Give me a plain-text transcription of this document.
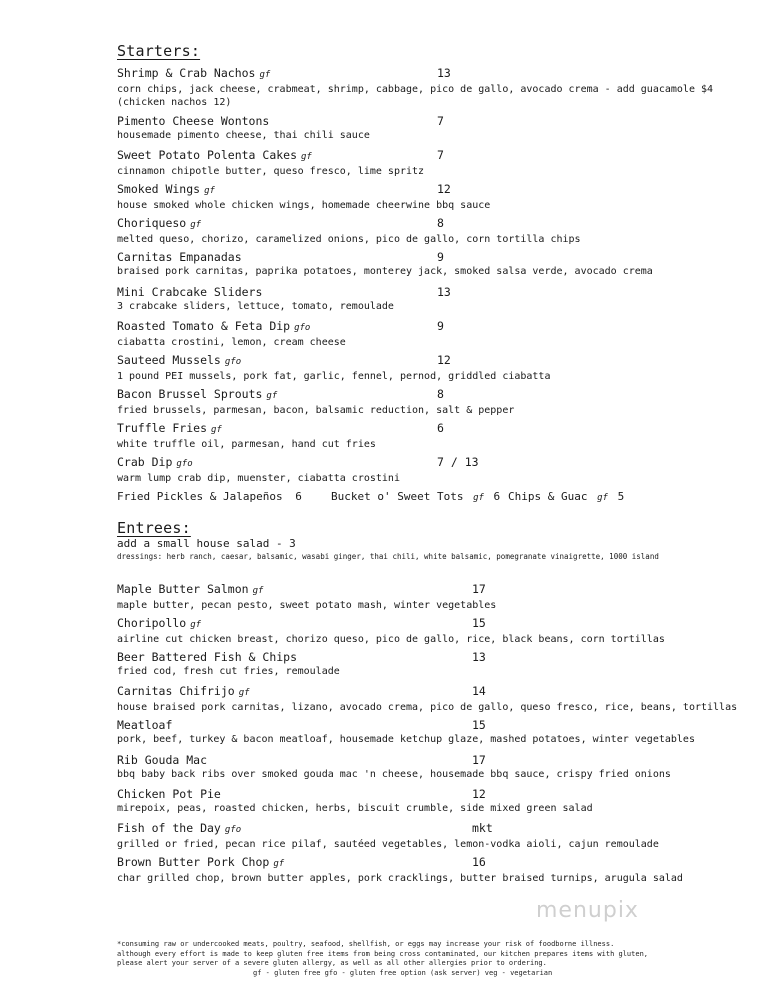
Starters:
Shrimp & Crab Nachos gf	13
corn chips, jack cheese, crabmeat, shrimp, cabbage, pico de gallo, avocado crema - add guacamole $4
(chicken nachos 12)
Pimento Cheese Wontons	7
housemade pimento cheese, thai chili sauce
Sweet Potato Polenta Cakes gf	7
cinnamon chipotle butter, queso fresco, lime spritz
Smoked Wings gf	12
house smoked whole chicken wings, homemade cheerwine bbq sauce
Choriqueso gf	8
melted queso, chorizo, caramelized onions, pico de gallo, corn tortilla chips
Carnitas Empanadas	9
braised pork carnitas, paprika potatoes, monterey jack, smoked salsa verde, avocado crema
Mini Crabcake Sliders	13
3 crabcake sliders, lettuce, tomato, remoulade
Roasted Tomato & Feta Dip gfo	9
ciabatta crostini, lemon, cream cheese
Sauteed Mussels gfo	12
1 pound PEI mussels, pork fat, garlic, fennel, pernod, griddled ciabatta
Bacon Brussel Sprouts gf	8
fried brussels, parmesan, bacon, balsamic reduction, salt & pepper
Truffle Fries gf	6
white truffle oil, parmesan, hand cut fries
Crab Dip gfo	7 / 13
warm lump crab dip, muenster, ciabatta crostini
Fried Pickles & Jalapeños 6	Bucket o' Sweet Tots gf 6 Chips & Guac gf 5
Entrees:
add a small house salad - 3
dressings: herb ranch, caesar, balsamic, wasabi ginger, thai chili, white balsamic, pomegranate vinaigrette, 1000 island
Maple Butter Salmon gf	17
maple butter, pecan pesto, sweet potato mash, winter vegetables
Choripollo gf	15
airline cut chicken breast, chorizo queso, pico de gallo, rice, black beans, corn tortillas
Beer Battered Fish & Chips	13
fried cod, fresh cut fries, remoulade
Carnitas Chifrijo gf	14
house braised pork carnitas, lizano, avocado crema, pico de gallo, queso fresco, rice, beans, tortillas
Meatloaf	15
pork, beef, turkey & bacon meatloaf, housemade ketchup glaze, mashed potatoes, winter vegetables
Rib Gouda Mac	17
bbq baby back ribs over smoked gouda mac 'n cheese, housemade bbq sauce, crispy fried onions
Chicken Pot Pie	12
mirepoix, peas, roasted chicken, herbs, biscuit crumble, side mixed green salad
Fish of the Day gfo	mkt
grilled or fried, pecan rice pilaf, sautéed vegetables, lemon-vodka aioli, cajun remoulade
Brown Butter Pork Chop gf	16
char grilled chop, brown butter apples, pork cracklings, butter braised turnips, arugula salad
menupix
*consuming raw or undercooked meats, poultry, seafood, shellfish, or eggs may increase your risk of foodborne illness.
although every effort is made to keep gluten free items from being cross contaminated, our kitchen prepares items with gluten,
please alert your server of a severe gluten allergy, as well as all other allergies prior to ordering.
gf - gluten free gfo - gluten free option (ask server) veg - vegetarian
